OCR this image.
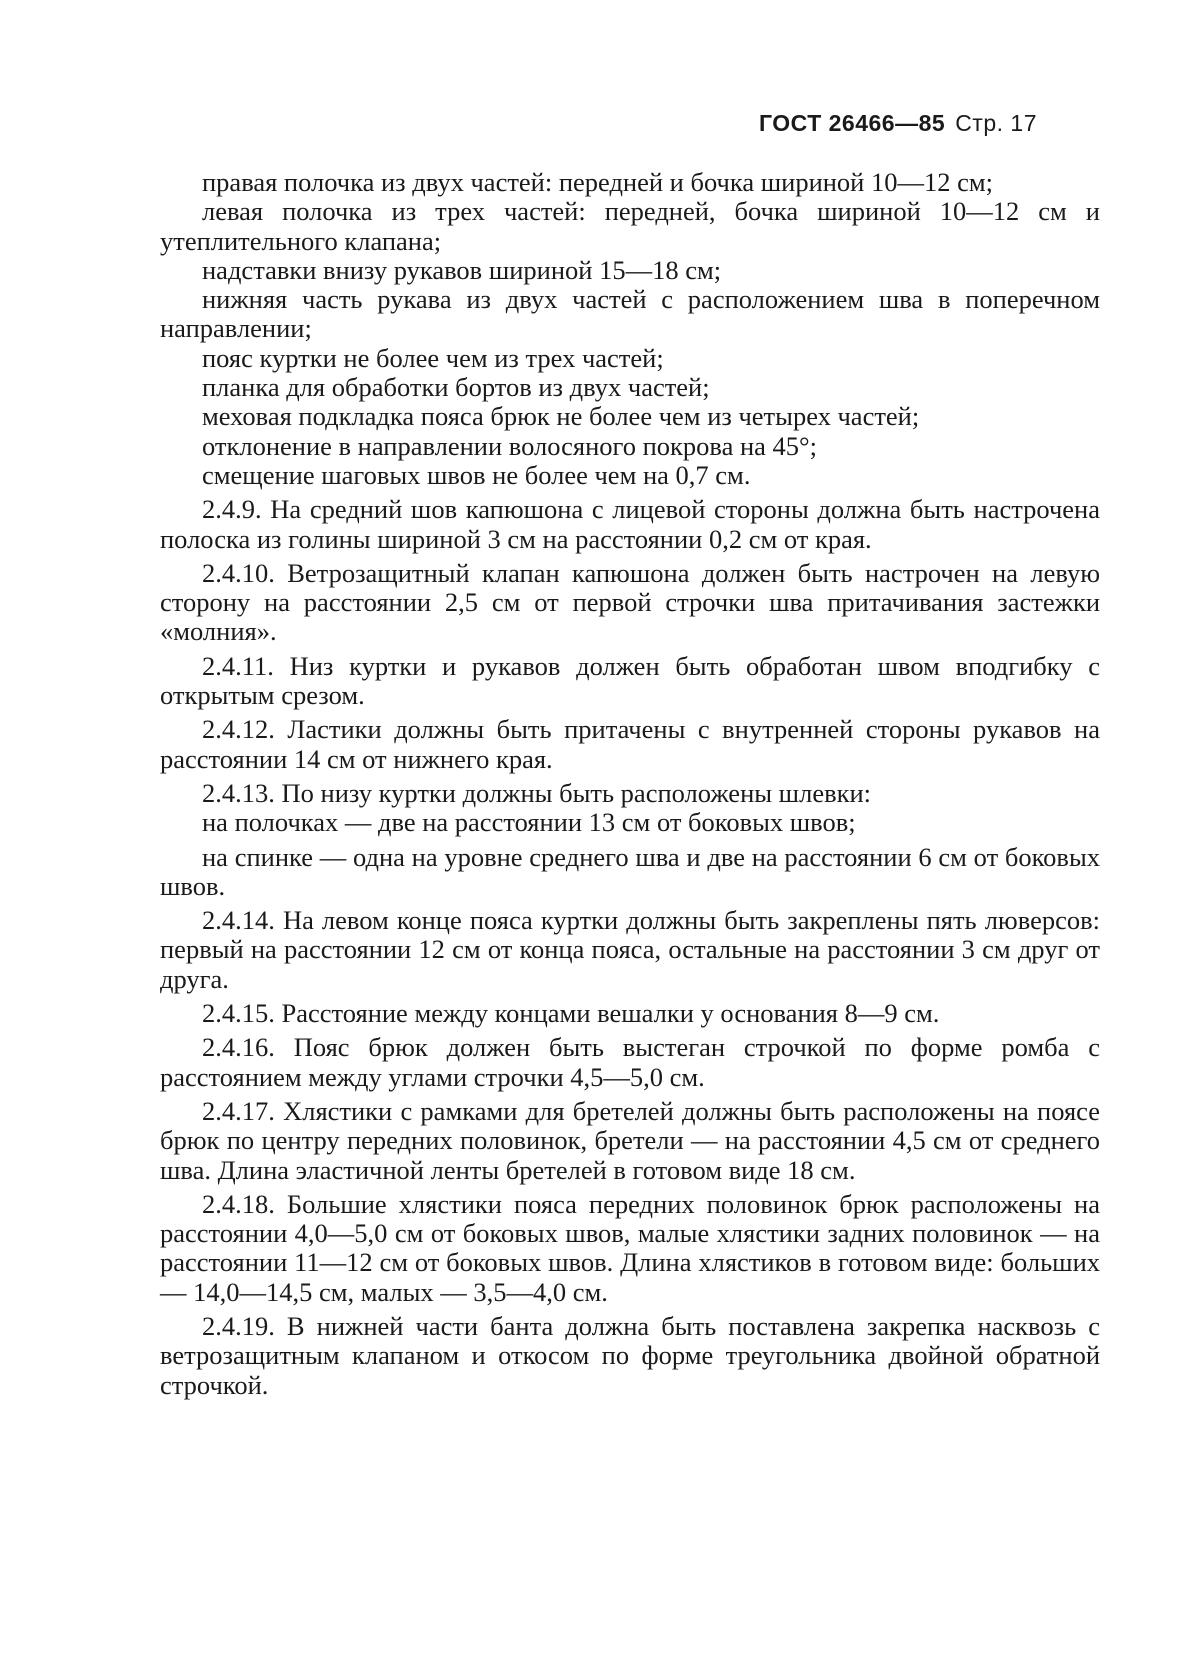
ГОСТ 26466—85 Стр. 17

правая полочка из двух частей: передней и бочка шириной 10—12 см;

левая полочка из трех частей: передней, бочка шириной 10—12 см и утеплительного клапана;

надставки внизу рукавов шириной 15—18 см;

нижняя часть рукава из двух частей с расположением шва в поперечном направлении;

пояс куртки не более чем из трех частей;

планка для обработки бортов из двух частей;

меховая подкладка пояса брюк не более чем из четырех частей;

отклонение в направлении волосяного покрова на 45°;

смещение шаговых швов не более чем на 0,7 см.

2.4.9. На средний шов капюшона с лицевой стороны должна быть настрочена полоска из голины шириной 3 см на расстоянии 0,2 см от края.

2.4.10. Ветрозащитный клапан капюшона должен быть настрочен на левую сторону на расстоянии 2,5 см от первой строчки шва притачивания застежки «молния».

2.4.11. Низ куртки и рукавов должен быть обработан швом вподгибку с открытым срезом.

2.4.12. Ластики должны быть притачены с внутренней стороны рукавов на расстоянии 14 см от нижнего края.

2.4.13. По низу куртки должны быть расположены шлевки:

на полочках — две на расстоянии 13 см от боковых швов;

на спинке — одна на уровне среднего шва и две на расстоянии 6 см от боковых швов.

2.4.14. На левом конце пояса куртки должны быть закреплены пять люверсов: первый на расстоянии 12 см от конца пояса, остальные на расстоянии 3 см друг от друга.

2.4.15. Расстояние между концами вешалки у основания 8—9 см.

2.4.16. Пояс брюк должен быть выстеган строчкой по форме ромба с расстоянием между углами строчки 4,5—5,0 см.

2.4.17. Хлястики с рамками для бретелей должны быть расположены на поясе брюк по центру передних половинок, бретели — на расстоянии 4,5 см от среднего шва. Длина эластичной ленты бретелей в готовом виде 18 см.

2.4.18. Большие хлястики пояса передних половинок брюк расположены на расстоянии 4,0—5,0 см от боковых швов, малые хлястики задних половинок — на расстоянии 11—12 см от боковых швов. Длина хлястиков в готовом виде: больших — 14,0—14,5 см, малых — 3,5—4,0 см.

2.4.19. В нижней части банта должна быть поставлена закрепка насквозь с ветрозащитным клапаном и откосом по форме треугольника двойной обратной строчкой.
